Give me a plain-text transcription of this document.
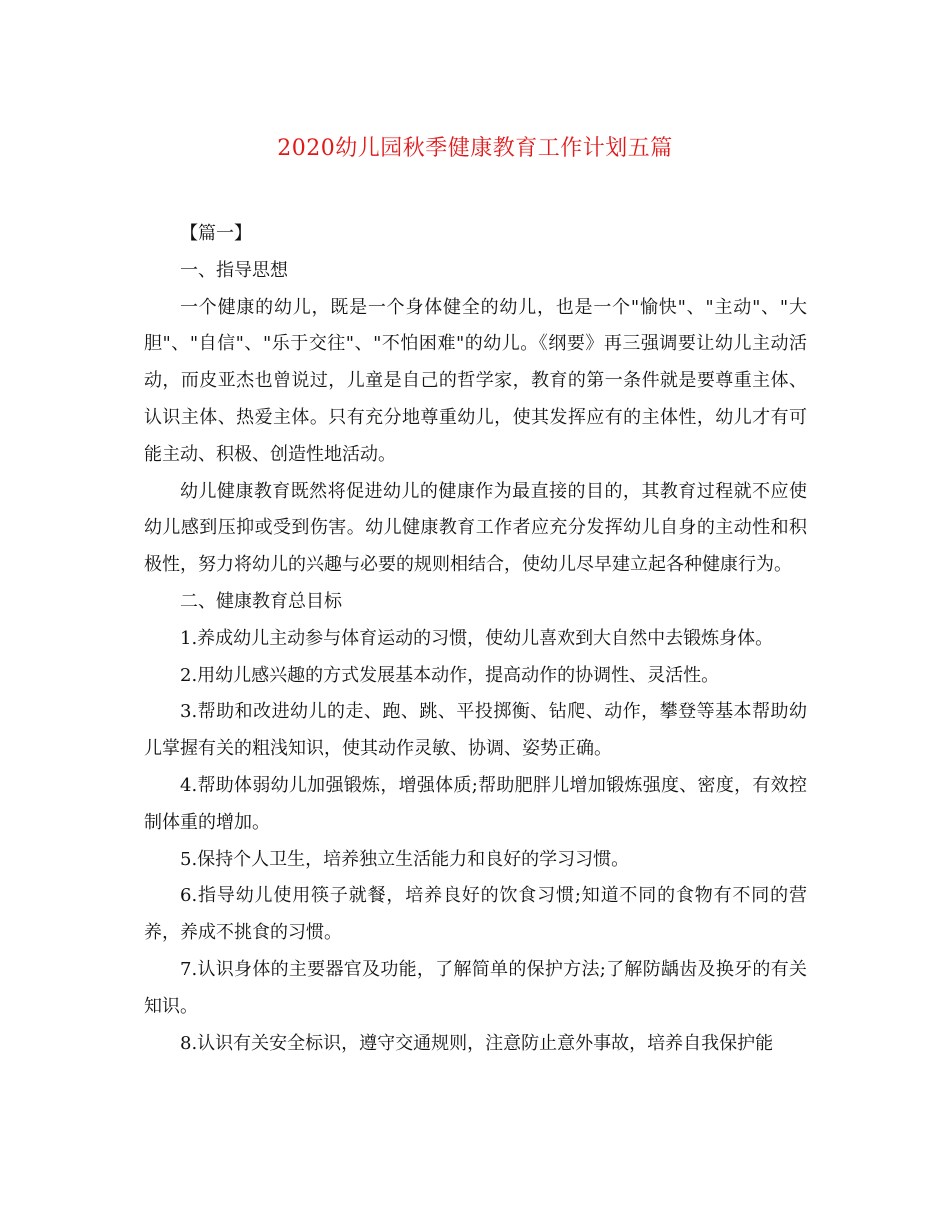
2020幼儿园秋季健康教育工作计划五篇

【篇一】

一、指导思想

一个健康的幼儿，既是一个身体健全的幼儿，也是一个"愉快"、"主动"、"大胆"、"自信"、"乐于交往"、"不怕困难"的幼儿。《纲要》再三强调要让幼儿主动活动，而皮亚杰也曾说过，儿童是自己的哲学家，教育的第一条件就是要尊重主体、认识主体、热爱主体。只有充分地尊重幼儿，使其发挥应有的主体性，幼儿才有可能主动、积极、创造性地活动。

幼儿健康教育既然将促进幼儿的健康作为最直接的目的，其教育过程就不应使幼儿感到压抑或受到伤害。幼儿健康教育工作者应充分发挥幼儿自身的主动性和积极性，努力将幼儿的兴趣与必要的规则相结合，使幼儿尽早建立起各种健康行为。

二、健康教育总目标

1.养成幼儿主动参与体育运动的习惯，使幼儿喜欢到大自然中去锻炼身体。

2.用幼儿感兴趣的方式发展基本动作，提高动作的协调性、灵活性。

3.帮助和改进幼儿的走、跑、跳、平投掷衡、钻爬、动作，攀登等基本帮助幼儿掌握有关的粗浅知识，使其动作灵敏、协调、姿势正确。

4.帮助体弱幼儿加强锻炼，增强体质;帮助肥胖儿增加锻炼强度、密度，有效控制体重的增加。

5.保持个人卫生，培养独立生活能力和良好的学习习惯。

6.指导幼儿使用筷子就餐，培养良好的饮食习惯;知道不同的食物有不同的营养，养成不挑食的习惯。

7.认识身体的主要器官及功能，了解简单的保护方法;了解防龋齿及换牙的有关知识。

8.认识有关安全标识，遵守交通规则，注意防止意外事故，培养自我保护能
